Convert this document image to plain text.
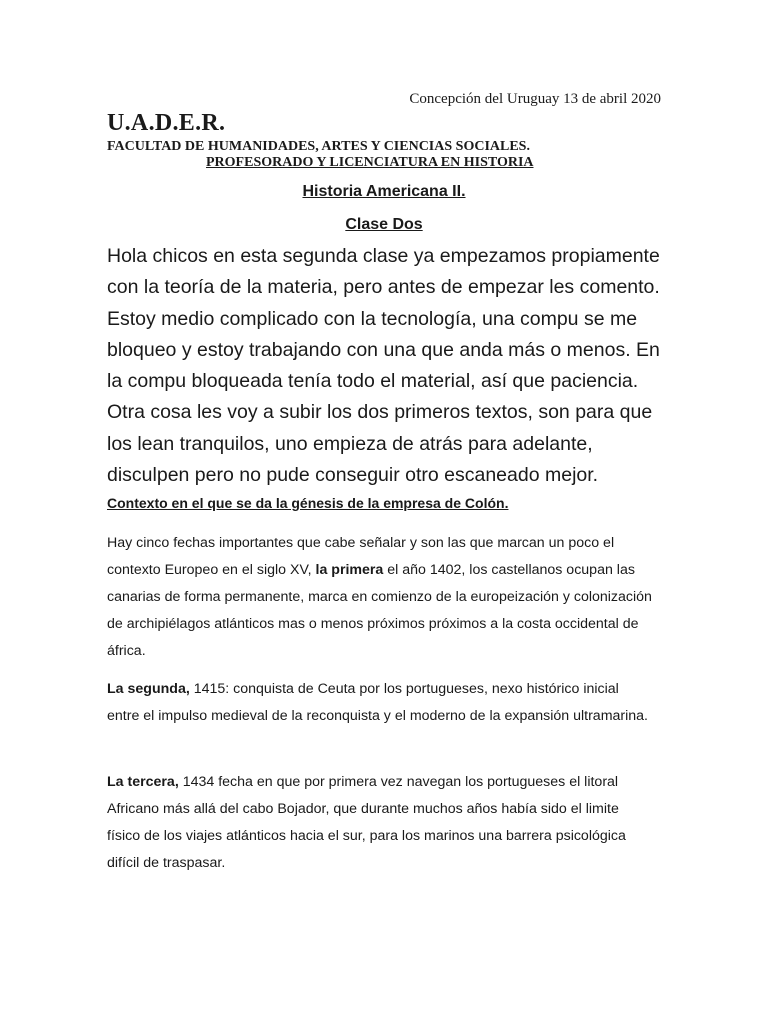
Concepción del Uruguay 13 de abril 2020
U.A.D.E.R.
FACULTAD DE HUMANIDADES, ARTES Y CIENCIAS SOCIALES.
PROFESORADO Y LICENCIATURA EN HISTORIA
Historia Americana II.
Clase Dos

Hola chicos en esta segunda clase ya empezamos propiamente con la teoría de la materia, pero antes de empezar les comento. Estoy medio complicado con la tecnología, una compu se me bloqueo y estoy trabajando con una que anda más o menos. En la compu bloqueada tenía todo el material, así que paciencia.

Otra cosa les voy a subir los dos primeros textos, son para que los lean tranquilos, uno empieza de atrás para adelante, disculpen pero no pude conseguir otro escaneado mejor.

Contexto en el que se da la génesis de la empresa de Colón.

Hay cinco fechas importantes que cabe señalar y son las que marcan un poco el contexto Europeo en el siglo XV, la primera el año 1402, los castellanos ocupan las canarias de forma permanente, marca en comienzo de la europeización y colonización de archipiélagos atlánticos mas o menos próximos próximos a la costa occidental de áfrica.

La segunda, 1415: conquista de Ceuta por los portugueses, nexo histórico inicial entre el impulso medieval de la reconquista y el moderno de la expansión ultramarina.

La tercera, 1434 fecha en que por primera vez navegan los portugueses el litoral Africano más allá del cabo Bojador, que durante muchos años había sido el limite físico de los viajes atlánticos hacia el sur, para los marinos una barrera psicológica difícil de traspasar.
